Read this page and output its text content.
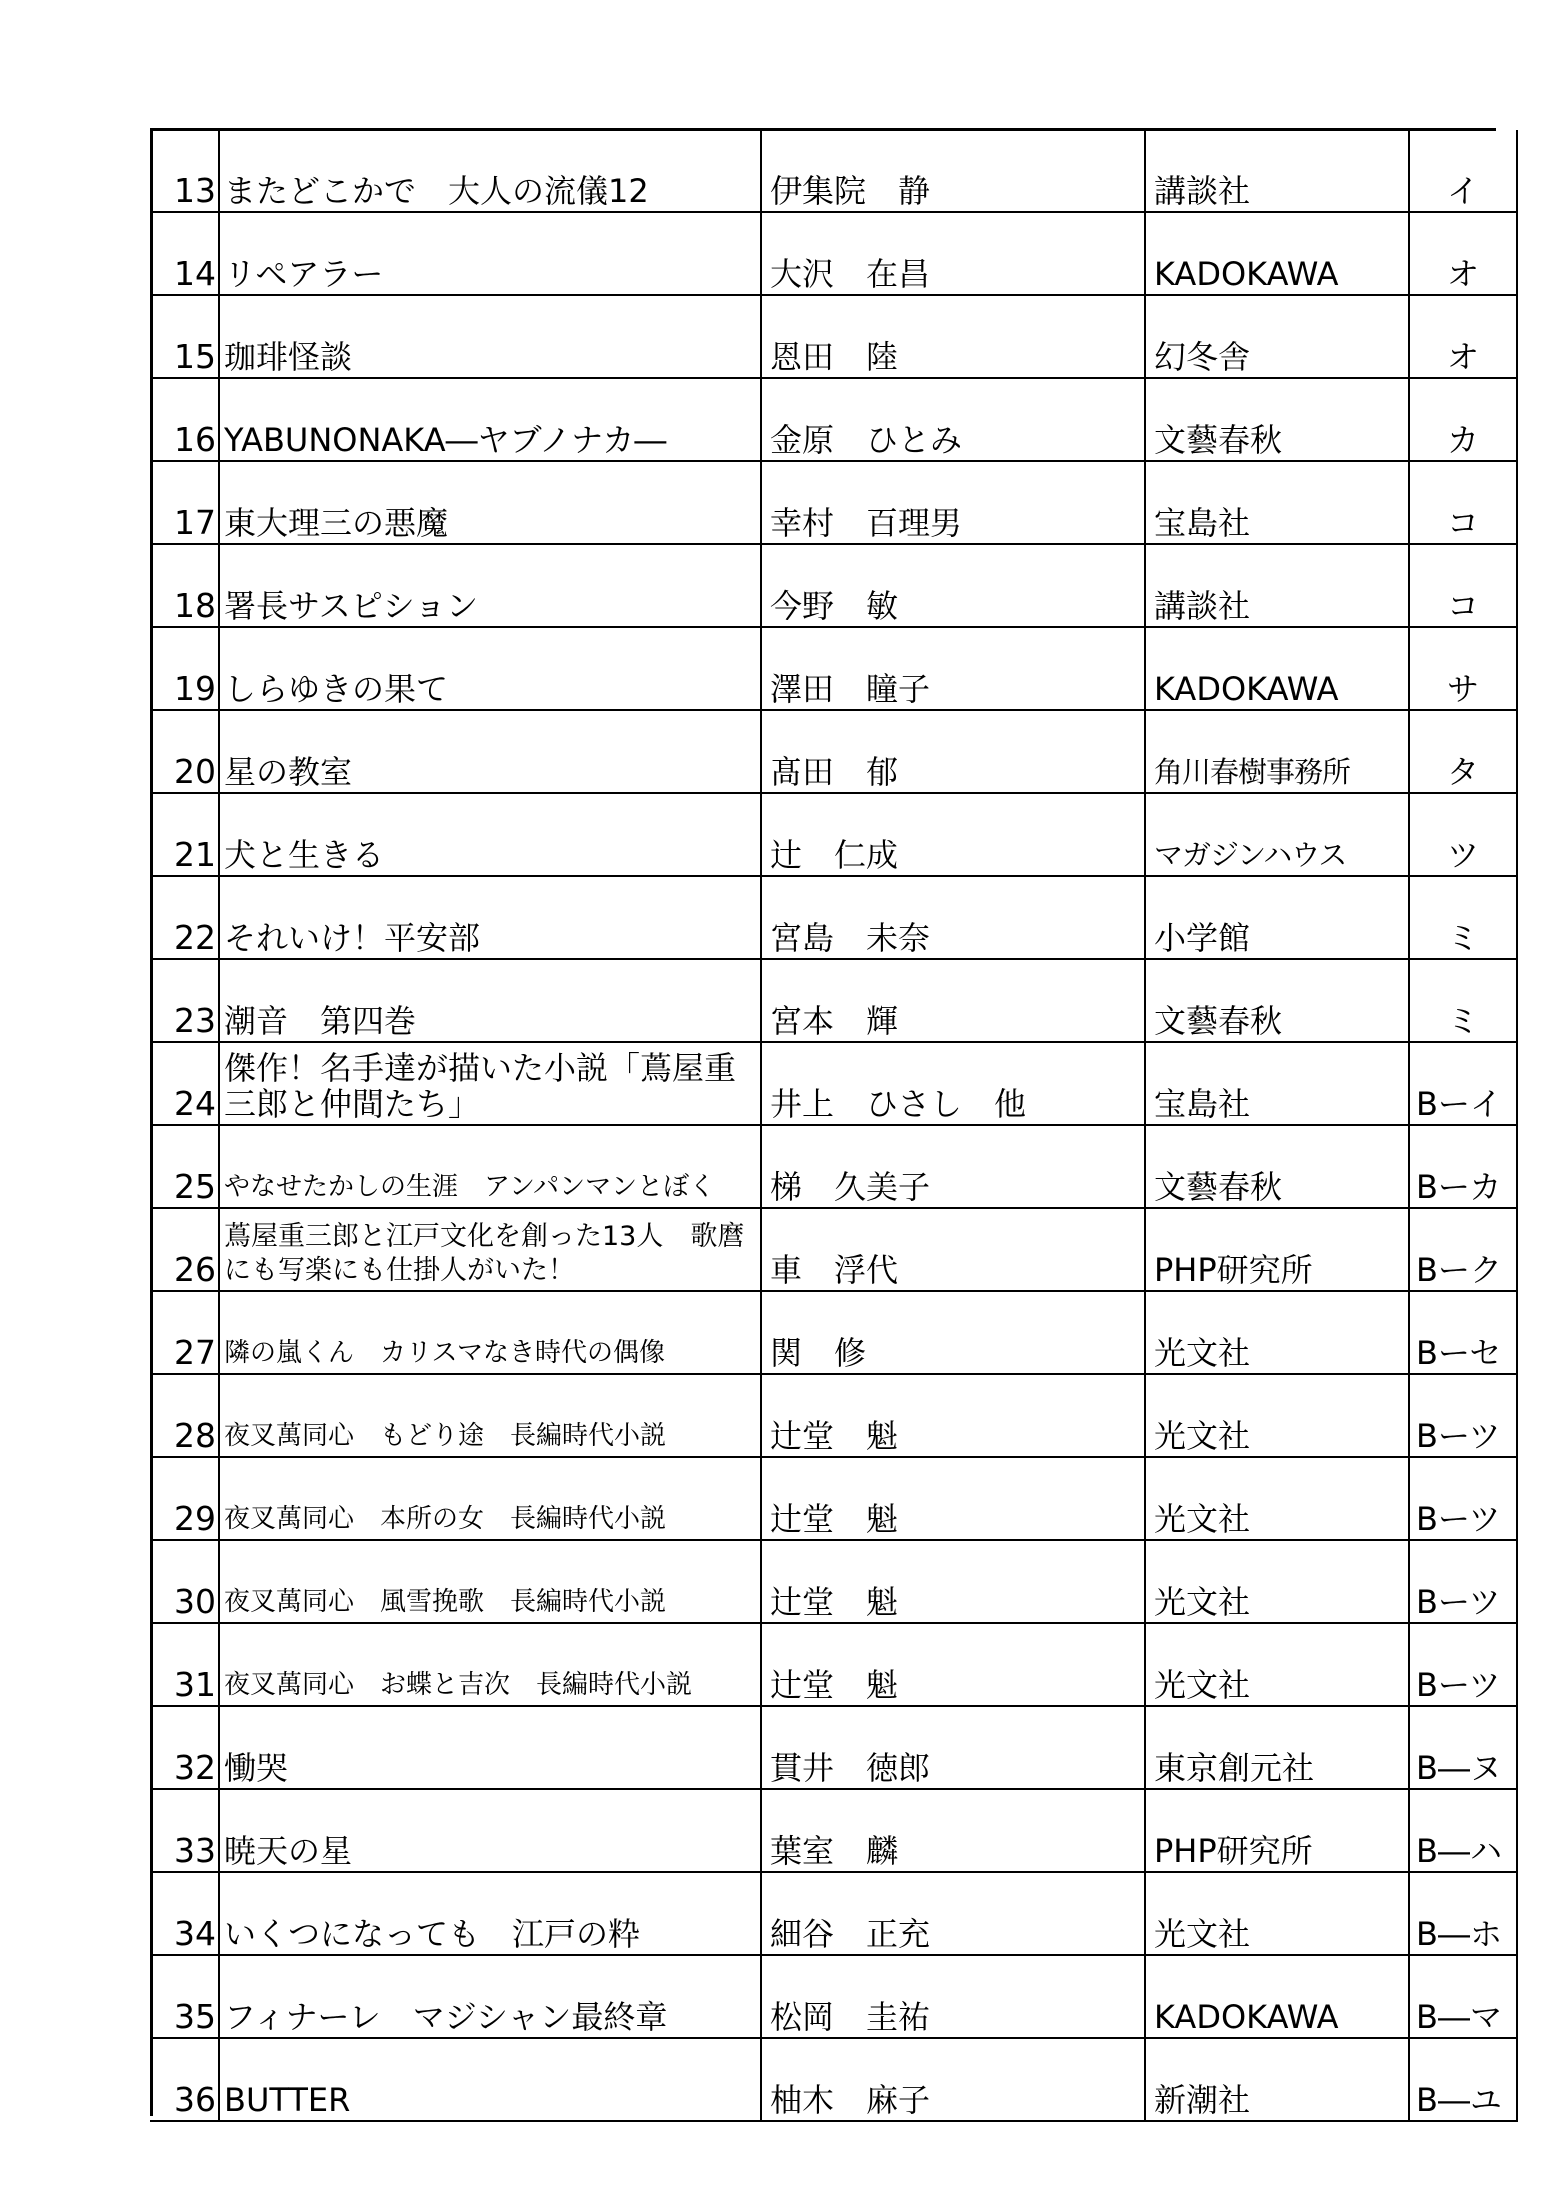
13	またどこかで　大人の流儀12	伊集院　静	講談社	イ
14	リペアラー	大沢　在昌	KADOKAWA	オ
15	珈琲怪談	恩田　陸	幻冬舎	オ
16	YABUNONAKA―ヤブノナカ―	金原　ひとみ	文藝春秋	カ
17	東大理三の悪魔	幸村　百理男	宝島社	コ
18	署長サスピション	今野　敏	講談社	コ
19	しらゆきの果て	澤田　瞳子	KADOKAWA	サ
20	星の教室	髙田　郁	角川春樹事務所	タ
21	犬と生きる	辻　仁成	マガジンハウス	ツ
22	それいけ！平安部	宮島　未奈	小学館	ミ
23	潮音　第四巻	宮本　輝	文藝春秋	ミ
24	傑作！名手達が描いた小説「蔦屋重三郎と仲間たち」	井上　ひさし　他	宝島社	Bーイ
25	やなせたかしの生涯　アンパンマンとぼく	梯　久美子	文藝春秋	Bーカ
26	蔦屋重三郎と江戸文化を創った13人　歌麿にも写楽にも仕掛人がいた！	車　浮代	PHP研究所	Bーク
27	隣の嵐くん　カリスマなき時代の偶像	関　修	光文社	Bーセ
28	夜叉萬同心　もどり途　長編時代小説	辻堂　魁	光文社	Bーツ
29	夜叉萬同心　本所の女　長編時代小説	辻堂　魁	光文社	Bーツ
30	夜叉萬同心　風雪挽歌　長編時代小説	辻堂　魁	光文社	Bーツ
31	夜叉萬同心　お蝶と吉次　長編時代小説	辻堂　魁	光文社	Bーツ
32	慟哭	貫井　徳郎	東京創元社	B―ヌ
33	暁天の星	葉室　麟	PHP研究所	B―ハ
34	いくつになっても　江戸の粋	細谷　正充	光文社	B―ホ
35	フィナーレ　マジシャン最終章	松岡　圭祐	KADOKAWA	B―マ
36	BUTTER	柚木　麻子	新潮社	B―ユ
